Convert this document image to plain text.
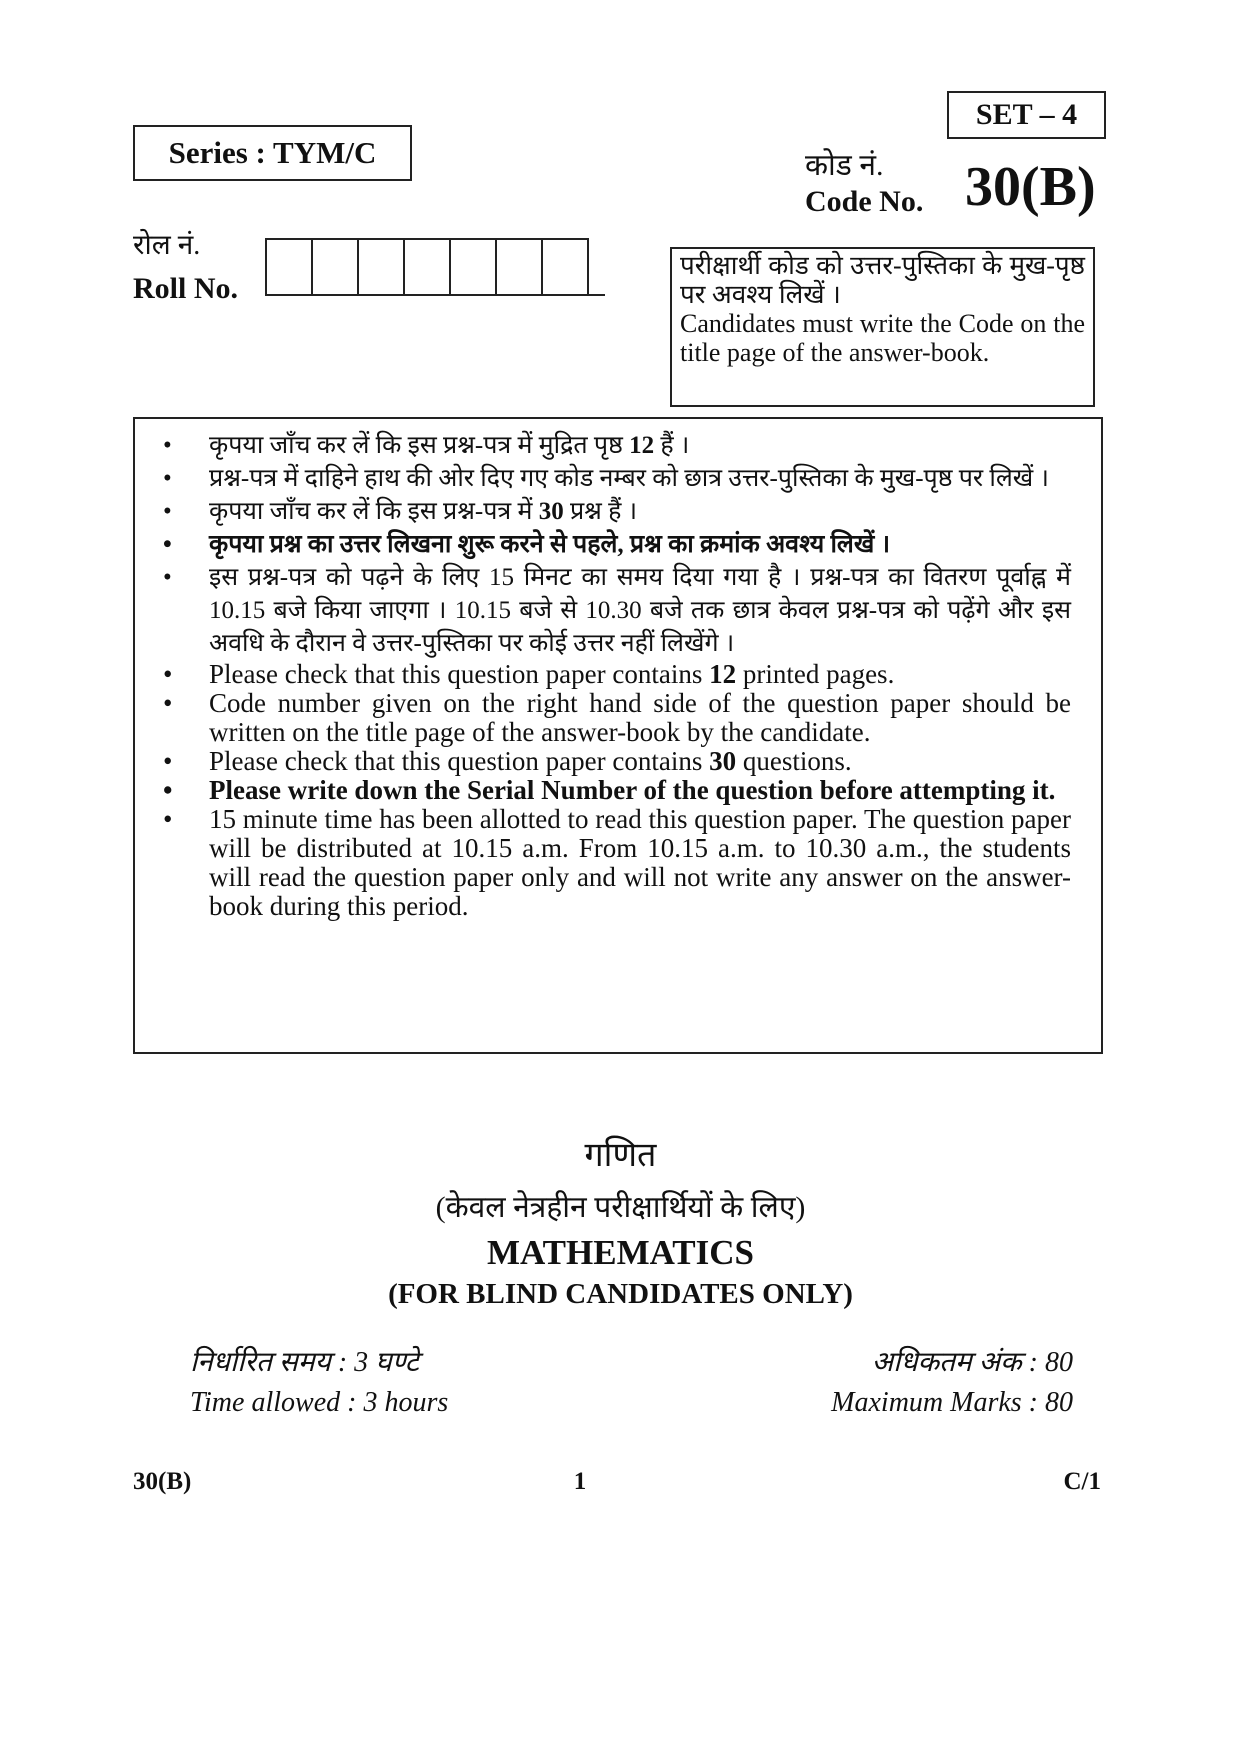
SET – 4
Series : TYM/C	कोड नं.
Code No. 30(B)
रोल नं.
Roll No.
परीक्षार्थी कोड को उत्तर-पुस्तिका के मुख-पृष्ठ पर अवश्य लिखें ।
Candidates must write the Code on the title page of the answer-book.
• कृपया जाँच कर लें कि इस प्रश्न-पत्र में मुद्रित पृष्ठ 12 हैं ।
• प्रश्न-पत्र में दाहिने हाथ की ओर दिए गए कोड नम्बर को छात्र उत्तर-पुस्तिका के मुख-पृष्ठ पर लिखें ।
• कृपया जाँच कर लें कि इस प्रश्न-पत्र में 30 प्रश्न हैं ।
• कृपया प्रश्न का उत्तर लिखना शुरू करने से पहले, प्रश्न का क्रमांक अवश्य लिखें ।
• इस प्रश्न-पत्र को पढ़ने के लिए 15 मिनट का समय दिया गया है । प्रश्न-पत्र का वितरण पूर्वाह्न में 10.15 बजे किया जाएगा । 10.15 बजे से 10.30 बजे तक छात्र केवल प्रश्न-पत्र को पढ़ेंगे और इस अवधि के दौरान वे उत्तर-पुस्तिका पर कोई उत्तर नहीं लिखेंगे ।
• Please check that this question paper contains 12 printed pages.
• Code number given on the right hand side of the question paper should be written on the title page of the answer-book by the candidate.
• Please check that this question paper contains 30 questions.
• Please write down the Serial Number of the question before attempting it.
• 15 minute time has been allotted to read this question paper. The question paper will be distributed at 10.15 a.m. From 10.15 a.m. to 10.30 a.m., the students will read the question paper only and will not write any answer on the answer-book during this period.
गणित
(केवल नेत्रहीन परीक्षार्थियों के लिए)
MATHEMATICS
(FOR BLIND CANDIDATES ONLY)
निर्धारित समय : 3 घण्टे	अधिकतम अंक : 80
Time allowed : 3 hours	Maximum Marks : 80
30(B)	1	C/1
